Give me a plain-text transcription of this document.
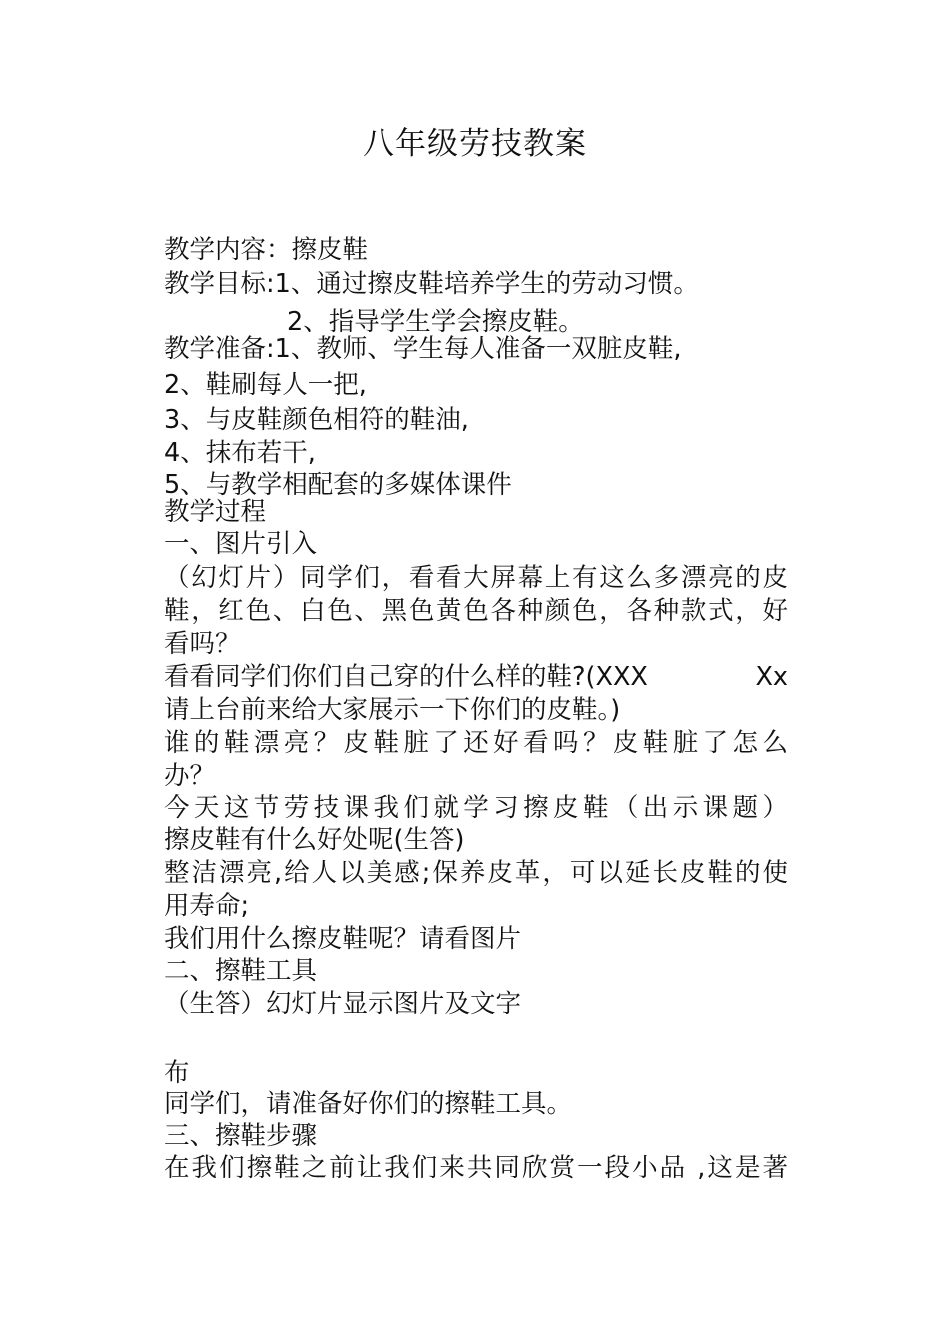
八年级劳技教案
教学内容：擦皮鞋
教学目标:1、通过擦皮鞋培养学生的劳动习惯。
2、指导学生学会擦皮鞋。
教学准备:1、教师、学生每人准备一双脏皮鞋,
2、鞋刷每人一把,
3、与皮鞋颜色相符的鞋油,
4、抹布若干,
5、与教学相配套的多媒体课件
教学过程
一、图片引入
（幻灯片）同学们，看看大屏幕上有这么多漂亮的皮
鞋，红色、白色、黑色黄色各种颜色，各种款式，好
看吗？
看看同学们你们自己穿的什么样的鞋?(XXX	Xx
请上台前来给大家展示一下你们的皮鞋。)
谁的鞋漂亮？皮鞋脏了还好看吗？皮鞋脏了怎么
办？
今天这节劳技课我们就学习擦皮鞋（出示课题）
擦皮鞋有什么好处呢(生答)
整洁漂亮,给人以美感;保养皮革，可以延长皮鞋的使
用寿命;
我们用什么擦皮鞋呢？请看图片
二、擦鞋工具
（生答）幻灯片显示图片及文字
布
同学们，请准备好你们的擦鞋工具。
三、擦鞋步骤
在我们擦鞋之前让我们来共同欣赏一段小品 ,这是著
